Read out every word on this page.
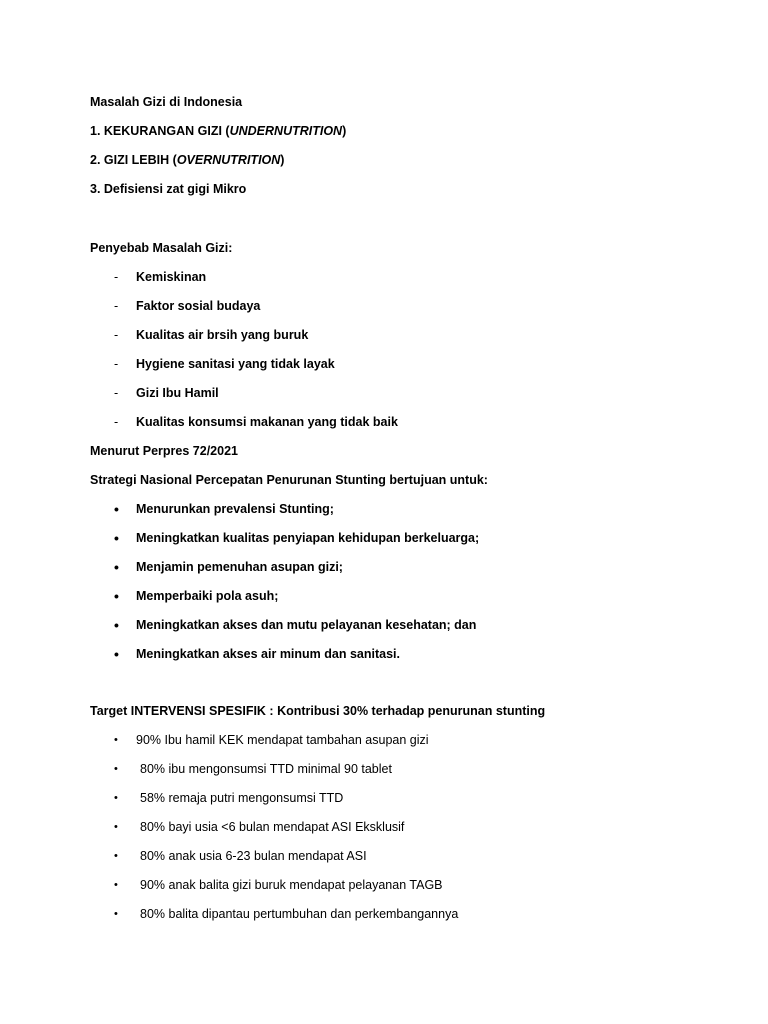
Masalah Gizi di Indonesia
1. KEKURANGAN GIZI (UNDERNUTRITION)
2. GIZI LEBIH (OVERNUTRITION)
3. Defisiensi zat gigi Mikro
Penyebab Masalah Gizi:
- Kemiskinan
- Faktor sosial budaya
- Kualitas air brsih yang buruk
- Hygiene sanitasi yang tidak layak
- Gizi Ibu Hamil
- Kualitas konsumsi makanan yang tidak baik
Menurut Perpres 72/2021
Strategi Nasional Percepatan Penurunan Stunting bertujuan untuk:
• Menurunkan prevalensi Stunting;
• Meningkatkan kualitas penyiapan kehidupan berkeluarga;
• Menjamin pemenuhan asupan gizi;
• Memperbaiki pola asuh;
• Meningkatkan akses dan mutu pelayanan kesehatan; dan
• Meningkatkan akses air minum dan sanitasi.
Target INTERVENSI SPESIFIK : Kontribusi 30% terhadap penurunan stunting
• 90% Ibu hamil KEK mendapat tambahan asupan gizi
• 80% ibu mengonsumsi TTD minimal 90 tablet
• 58% remaja putri mengonsumsi TTD
• 80% bayi usia <6 bulan mendapat ASI Eksklusif
• 80% anak usia 6-23 bulan mendapat ASI
• 90% anak balita gizi buruk mendapat pelayanan TAGB
• 80% balita dipantau pertumbuhan dan perkembangannya
